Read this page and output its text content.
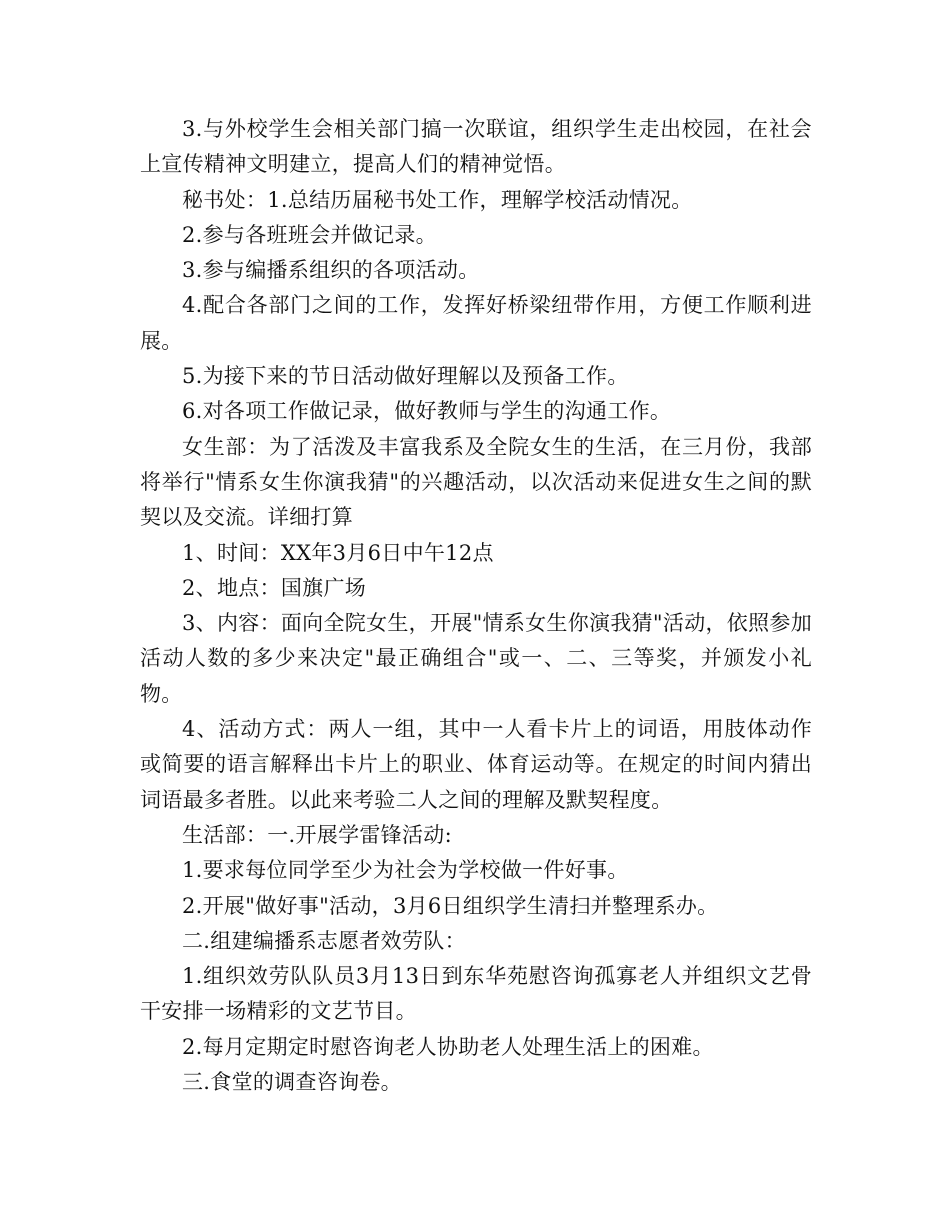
3.与外校学生会相关部门搞一次联谊，组织学生走出校园，在社会上宣传精神文明建立，提高人们的精神觉悟。

秘书处：1.总结历届秘书处工作，理解学校活动情况。

2.参与各班班会并做记录。

3.参与编播系组织的各项活动。

4.配合各部门之间的工作，发挥好桥梁纽带作用，方便工作顺利进展。

5.为接下来的节日活动做好理解以及预备工作。

6.对各项工作做记录，做好教师与学生的沟通工作。

女生部：为了活泼及丰富我系及全院女生的生活，在三月份，我部将举行"情系女生你演我猜"的兴趣活动，以次活动来促进女生之间的默契以及交流。详细打算

1、时间：XX年3月6日中午12点

2、地点：国旗广场

3、内容：面向全院女生，开展"情系女生你演我猜"活动，依照参加活动人数的多少来决定"最正确组合"或一、二、三等奖，并颁发小礼物。

4、活动方式：两人一组，其中一人看卡片上的词语，用肢体动作或简要的语言解释出卡片上的职业、体育运动等。在规定的时间内猜出词语最多者胜。以此来考验二人之间的理解及默契程度。

生活部：一.开展学雷锋活动:

1.要求每位同学至少为社会为学校做一件好事。

2.开展"做好事"活动，3月6日组织学生清扫并整理系办。

二.组建编播系志愿者效劳队：

1.组织效劳队队员3月13日到东华苑慰咨询孤寡老人并组织文艺骨干安排一场精彩的文艺节目。

2.每月定期定时慰咨询老人协助老人处理生活上的困难。

三.食堂的调查咨询卷。
